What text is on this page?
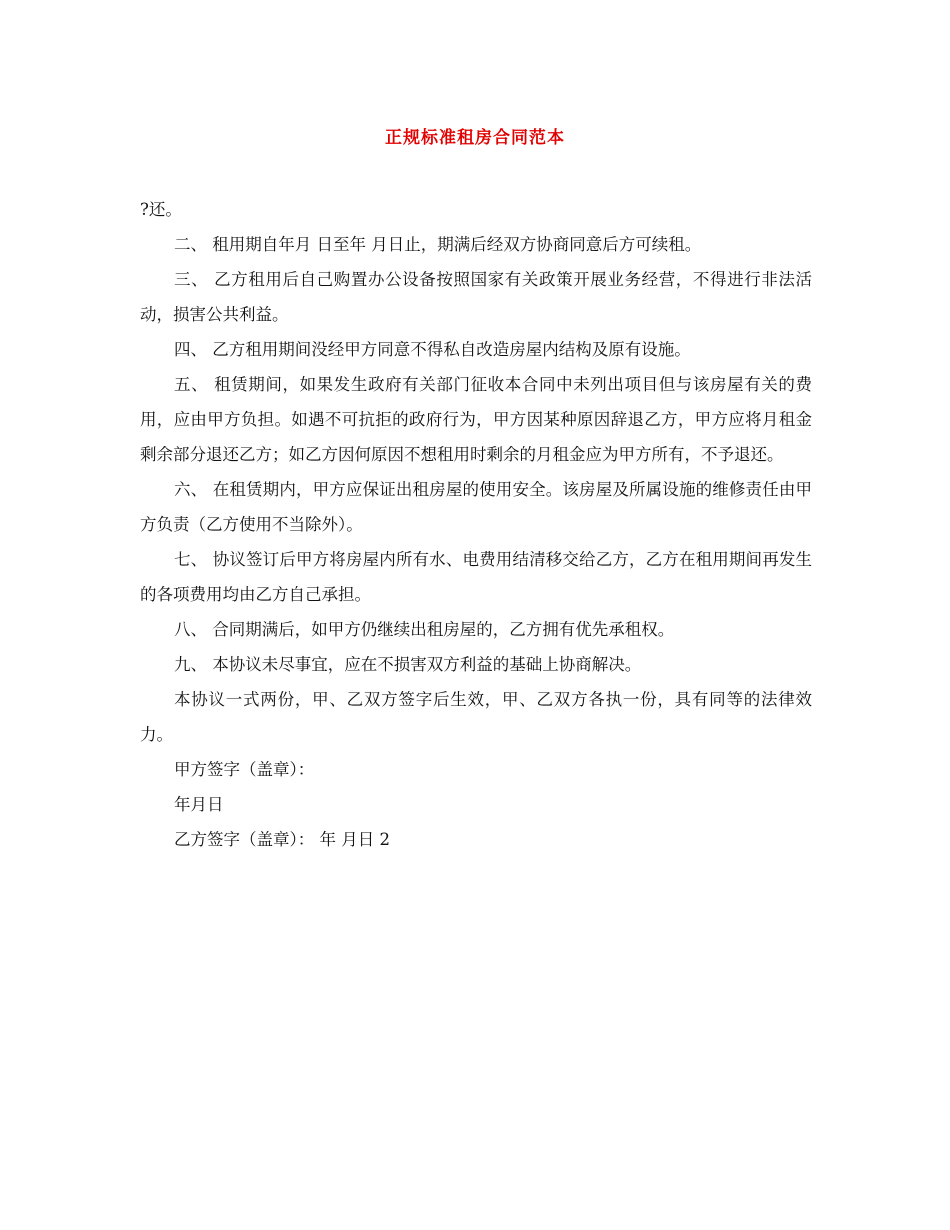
正规标准租房合同范本

?还。

二、 租用期自年月 日至年 月日止，期满后经双方协商同意后方可续租。

三、 乙方租用后自己购置办公设备按照国家有关政策开展业务经营，不得进行非法活动，损害公共利益。

四、 乙方租用期间没经甲方同意不得私自改造房屋内结构及原有设施。

五、 租赁期间，如果发生政府有关部门征收本合同中未列出项目但与该房屋有关的费用，应由甲方负担。如遇不可抗拒的政府行为，甲方因某种原因辞退乙方，甲方应将月租金剩余部分退还乙方；如乙方因何原因不想租用时剩余的月租金应为甲方所有，不予退还。

六、 在租赁期内，甲方应保证出租房屋的使用安全。该房屋及所属设施的维修责任由甲方负责（乙方使用不当除外）。

七、 协议签订后甲方将房屋内所有水、电费用结清移交给乙方，乙方在租用期间再发生的各项费用均由乙方自己承担。

八、 合同期满后，如甲方仍继续出租房屋的，乙方拥有优先承租权。

九、 本协议未尽事宜，应在不损害双方利益的基础上协商解决。

本协议一式两份，甲、乙双方签字后生效，甲、乙双方各执一份，具有同等的法律效力。

甲方签字（盖章）：

年月日

乙方签字（盖章）： 年 月日 2
